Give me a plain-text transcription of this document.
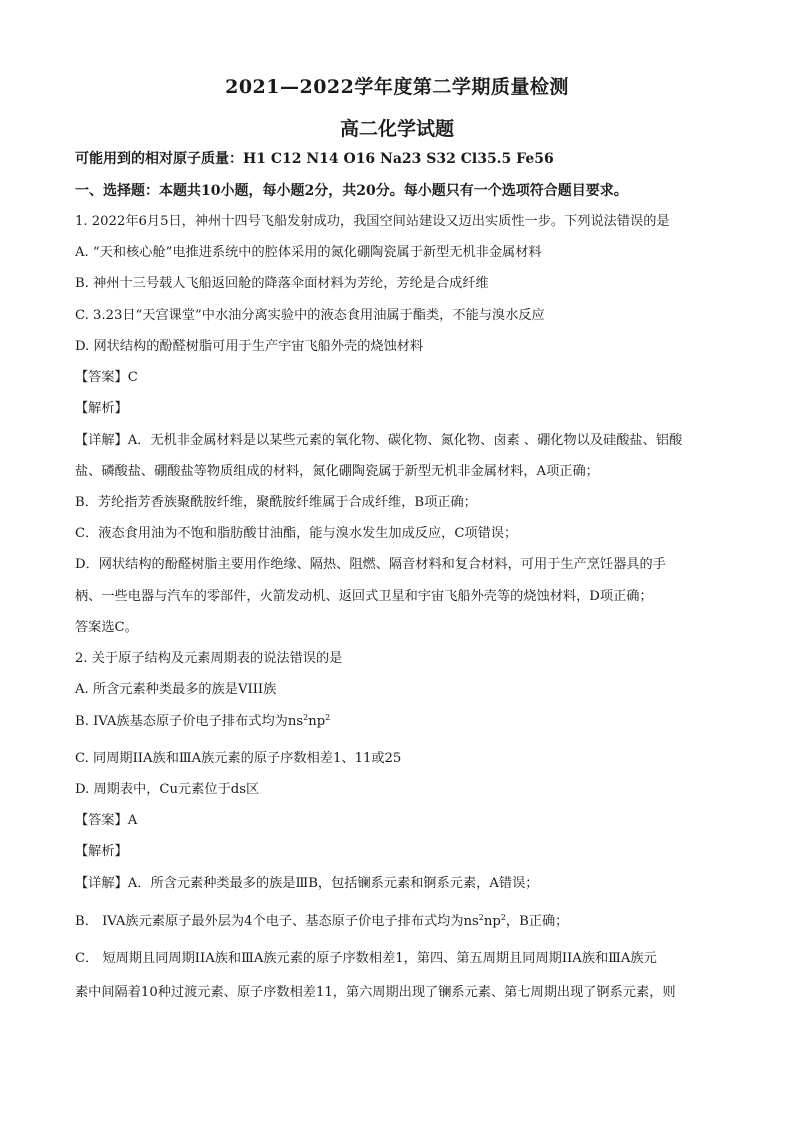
2021—2022学年度第二学期质量检测
高二化学试题
可能用到的相对原子质量：H1 C12 N14 O16 Na23 S32 Cl35.5 Fe56
一、选择题：本题共10小题，每小题2分，共20分。每小题只有一个选项符合题目要求。
1. 2022年6月5日，神州十四号飞船发射成功，我国空间站建设又迈出实质性一步。下列说法错误的是
A. “天和核心舱”电推进系统中的腔体采用的氮化硼陶瓷属于新型无机非金属材料
B. 神州十三号载人飞船返回舱的降落伞面材料为芳纶，芳纶是合成纤维
C. 3.23日“天宫课堂”中水油分离实验中的液态食用油属于酯类，不能与溴水反应
D. 网状结构的酚醛树脂可用于生产宇宙飞船外壳的烧蚀材料
【答案】C
【解析】
【详解】A．无机非金属材料是以某些元素的氧化物、碳化物、氮化物、卤素 、硼化物以及硅酸盐、铝酸
盐、磷酸盐、硼酸盐等物质组成的材料，氮化硼陶瓷属于新型无机非金属材料，A项正确；
B．芳纶指芳香族聚酰胺纤维，聚酰胺纤维属于合成纤维，B项正确；
C．液态食用油为不饱和脂肪酸甘油酯，能与溴水发生加成反应，C项错误；
D．网状结构的酚醛树脂主要用作绝缘、隔热、阻燃、隔音材料和复合材料，可用于生产烹饪器具的手
柄、一些电器与汽车的零部件，火箭发动机、返回式卫星和宇宙飞船外壳等的烧蚀材料，D项正确；
答案选C。
2. 关于原子结构及元素周期表的说法错误的是
A. 所含元素种类最多的族是VIII族
B. IVA族基态原子价电子排布式均为$ns^2np^2$
C. 同周期IIA族和ⅢA族元素的原子序数相差1、11或25
D. 周期表中，Cu元素位于ds区
【答案】A
【解析】
【详解】A．所含元素种类最多的族是ⅢB，包括镧系元素和锕系元素，A错误；
B． IVA族元素原子最外层为4个电子、基态原子价电子排布式均为$ns^2np^2$，B正确；
C． 短周期且同周期IIA族和ⅢA族元素的原子序数相差1，第四、第五周期且同周期IIA族和ⅢA族元
素中间隔着10种过渡元素、原子序数相差11，第六周期出现了镧系元素、第七周期出现了锕系元素，则
